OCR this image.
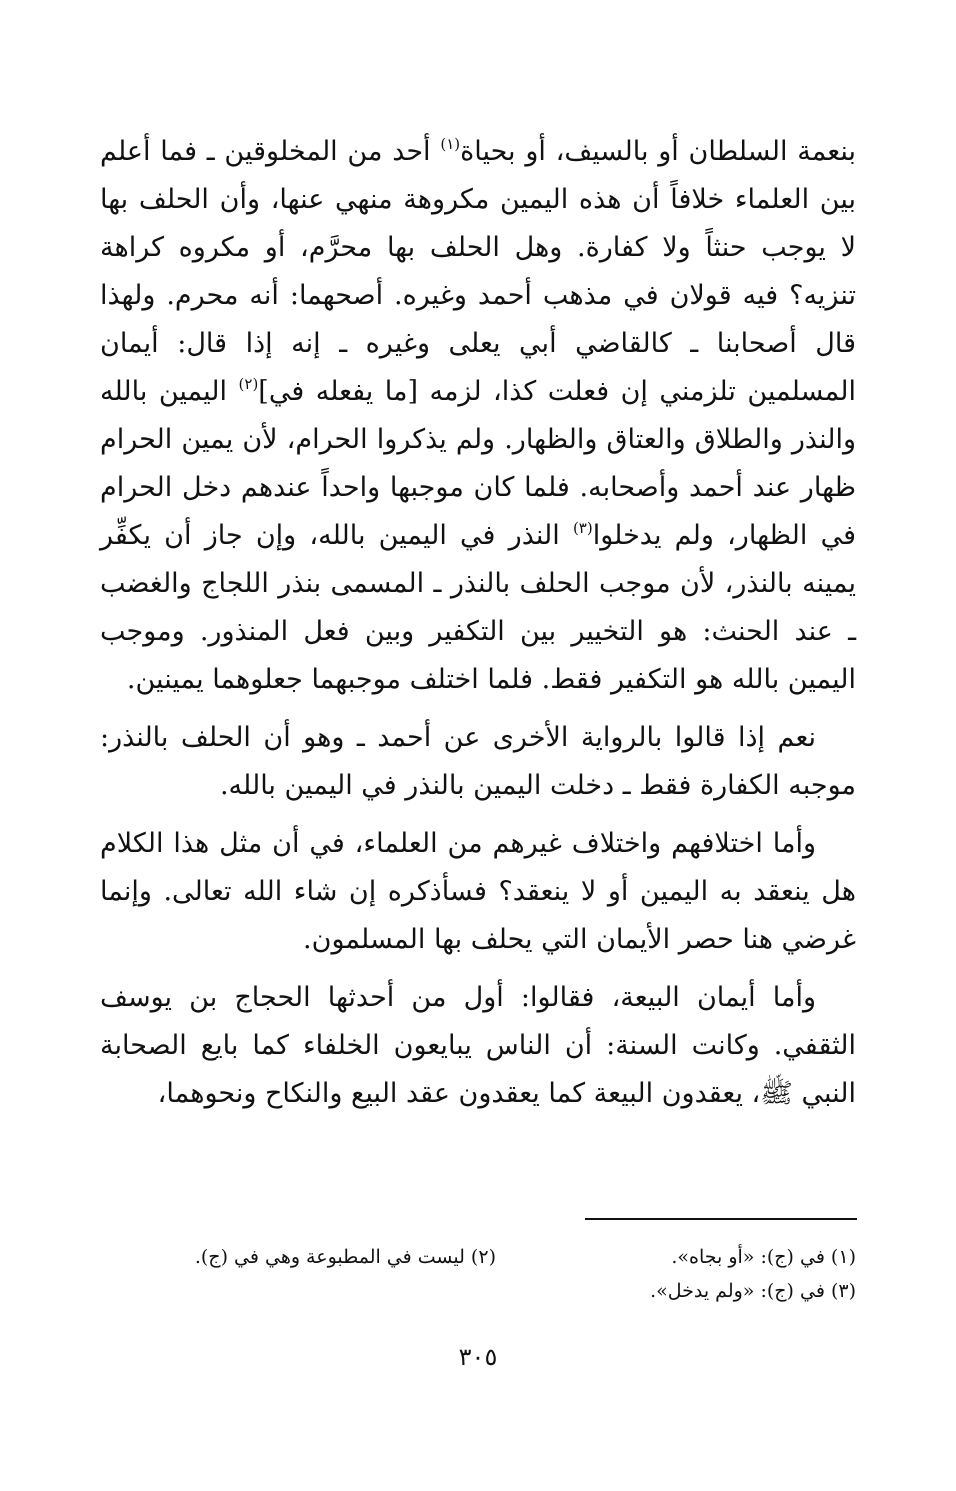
بنعمة السلطان أو بالسيف، أو بحياة$^{(١)}$ أحد من المخلوقين ـ فما أعلم بين العلماء خلافاً أن هذه اليمين مكروهة منهي عنها، وأن الحلف بها لا يوجب حنثاً ولا كفارة. وهل الحلف بها محرَّم، أو مكروه كراهة تنزيه؟ فيه قولان في مذهب أحمد وغيره. أصحهما: أنه محرم. ولهذا قال أصحابنا ـ كالقاضي أبي يعلى وغيره ـ إنه إذا قال: أيمان المسلمين تلزمني إن فعلت كذا، لزمه [ما يفعله في]$^{(٢)}$ اليمين بالله والنذر والطلاق والعتاق والظهار. ولم يذكروا الحرام، لأن يمين الحرام ظهار عند أحمد وأصحابه. فلما كان موجبها واحداً عندهم دخل الحرام في الظهار، ولم يدخلوا$^{(٣)}$ النذر في اليمين بالله، وإن جاز أن يكفِّر يمينه بالنذر، لأن موجب الحلف بالنذر ـ المسمى بنذر اللجاج والغضب ـ عند الحنث: هو التخيير بين التكفير وبين فعل المنذور. وموجب اليمين بالله هو التكفير فقط. فلما اختلف موجبهما جعلوهما يمينين.

نعم إذا قالوا بالرواية الأخرى عن أحمد ـ وهو أن الحلف بالنذر: موجبه الكفارة فقط ـ دخلت اليمين بالنذر في اليمين بالله.

وأما اختلافهم واختلاف غيرهم من العلماء، في أن مثل هذا الكلام هل ينعقد به اليمين أو لا ينعقد؟ فسأذكره إن شاء الله تعالى. وإنما غرضي هنا حصر الأيمان التي يحلف بها المسلمون.

وأما أيمان البيعة، فقالوا: أول من أحدثها الحجاج بن يوسف الثقفي. وكانت السنة: أن الناس يبايعون الخلفاء كما بايع الصحابة النبي ﷺ، يعقدون البيعة كما يعقدون عقد البيع والنكاح ونحوهما،

(١) في (ج): «أو بجاه».
(٢) ليست في المطبوعة وهي في (ج).
(٣) في (ج): «ولم يدخل».
٣٠٥
